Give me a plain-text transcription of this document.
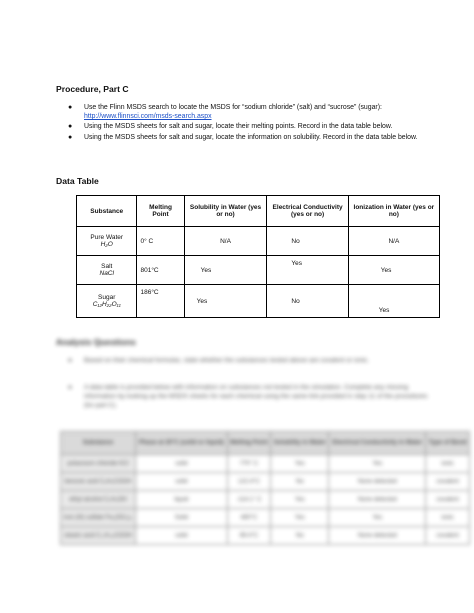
Procedure, Part C
● Use the Flinn MSDS search to locate the MSDS for “sodium chloride” (salt) and “sucrose” (sugar):
http://www.flinnsci.com/msds-search.aspx
● Using the MSDS sheets for salt and sugar, locate their melting points. Record in the data table below.
● Using the MSDS sheets for salt and sugar, locate the information on solubility. Record in the data table below.
Data Table
Substance	Melting Point	Solubility in Water (yes or no)	Electrical Conductivity (yes or no)	Ionization in Water (yes or no)

Pure Water
H₂O	0° C	N/A	No	N/A

Salt
NaCl	801°C	Yes	Yes	Yes

Sugar
C₁₂H₂₂O₁₁	186°C	Yes	No	Yes
Analysis Questions
● Based on their chemical formulas, state whether the substances tested above are covalent or ionic.
● A data table is provided below with information on substances not tested in the simulation. Complete any missing information by looking up the MSDS sheets for each chemical using the same link provided in step 11 of the procedures (for part C).
Substance	Phase at 20°C (solid or liquid)	Melting Point	Solubility in Water	Electrical Conductivity in Water	Type of Bond
potassium chloride KCl	solid	770° C	Yes	Yes	ionic
benzoic acid C₆H₅COOH	solid	122.4°C	No	None detected	covalent
ethyl alcohol C₂H₅OH	liquid	-114.1° C	Yes	None detected	covalent
iron (III) sulfate Fe₂(SO₄)₃	Solid	480°C	Yes	Yes	ionic
stearic acid C₁₇H₃₅COOH	solid	69.4°C	No	None detected	covalent
